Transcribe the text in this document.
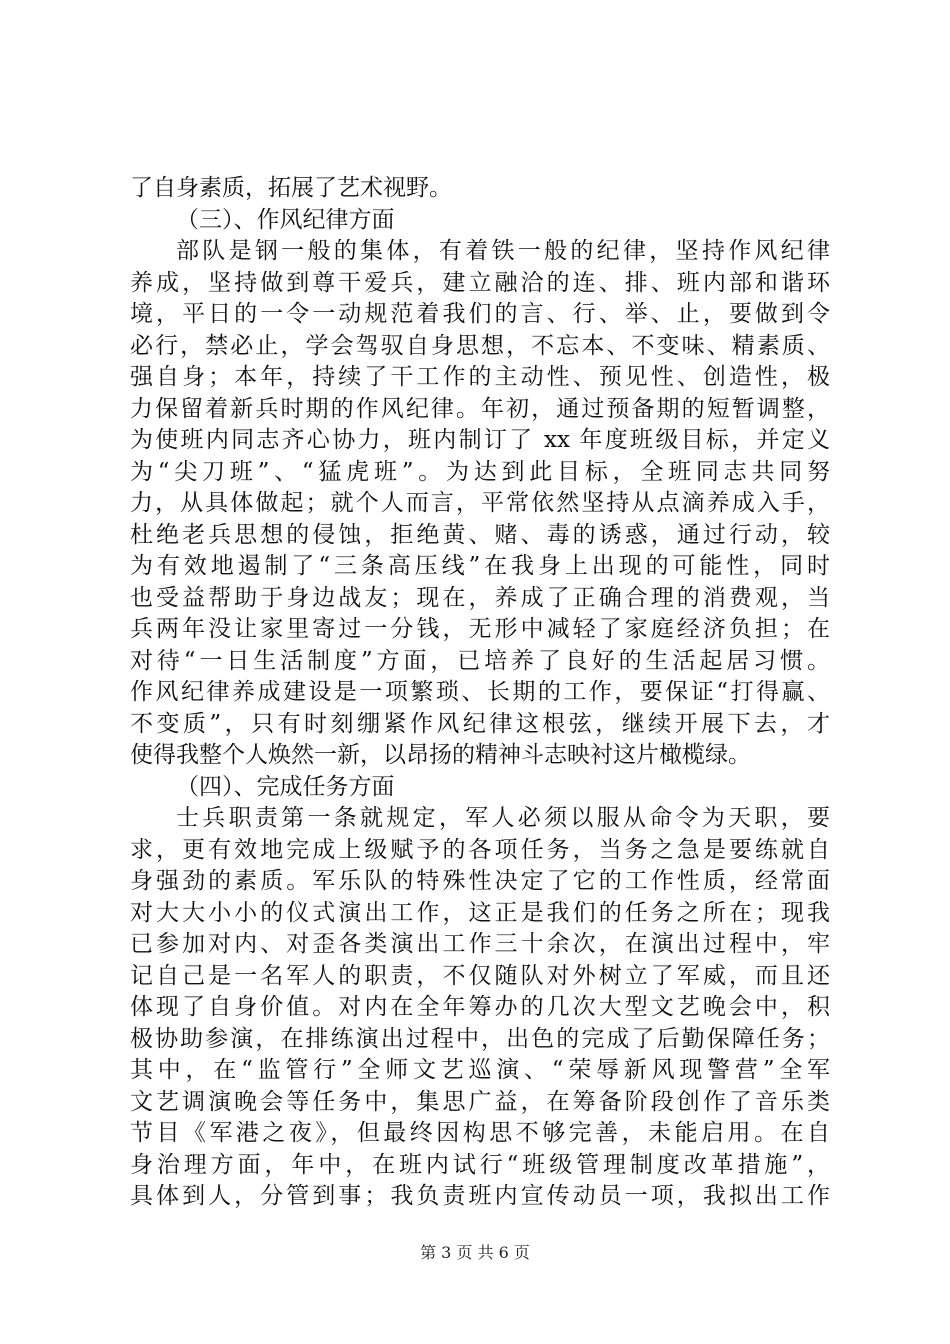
了自身素质，拓展了艺术视野。
（三）、作风纪律方面
部队是钢一般的集体，有着铁一般的纪律，坚持作风纪律
养成，坚持做到尊干爱兵，建立融洽的连、排、班内部和谐环
境，平日的一令一动规范着我们的言、行、举、止，要做到令
必行，禁必止，学会驾驭自身思想，不忘本、不变味、精素质、
强自身；本年，持续了干工作的主动性、预见性、创造性，极
力保留着新兵时期的作风纪律。年初，通过预备期的短暂调整，
为使班内同志齐心协力，班内制订了 xx 年度班级目标，并定义
为“尖刀班”、“猛虎班”。为达到此目标，全班同志共同努
力，从具体做起；就个人而言，平常依然坚持从点滴养成入手，
杜绝老兵思想的侵蚀，拒绝黄、赌、毒的诱惑，通过行动，较
为有效地遏制了“三条高压线”在我身上出现的可能性，同时
也受益帮助于身边战友；现在，养成了正确合理的消费观，当
兵两年没让家里寄过一分钱，无形中减轻了家庭经济负担；在
对待“一日生活制度”方面，已培养了良好的生活起居习惯。
作风纪律养成建设是一项繁琐、长期的工作，要保证“打得赢、
不变质”，只有时刻绷紧作风纪律这根弦，继续开展下去，才
使得我整个人焕然一新，以昂扬的精神斗志映衬这片橄榄绿。
（四）、完成任务方面
士兵职责第一条就规定，军人必须以服从命令为天职，要
求，更有效地完成上级赋予的各项任务，当务之急是要练就自
身强劲的素质。军乐队的特殊性决定了它的工作性质，经常面
对大大小小的仪式演出工作，这正是我们的任务之所在；现我
已参加对内、对歪各类演出工作三十余次，在演出过程中，牢
记自己是一名军人的职责，不仅随队对外树立了军威，而且还
体现了自身价值。对内在全年筹办的几次大型文艺晚会中，积
极协助参演，在排练演出过程中，出色的完成了后勤保障任务；
其中，在“监管行”全师文艺巡演、“荣辱新风现警营”全军
文艺调演晚会等任务中，集思广益，在筹备阶段创作了音乐类
节目《军港之夜》，但最终因构思不够完善，未能启用。在自
身治理方面，年中，在班内试行“班级管理制度改革措施”，
具体到人，分管到事；我负责班内宣传动员一项，我拟出工作
第 3 页 共 6 页
